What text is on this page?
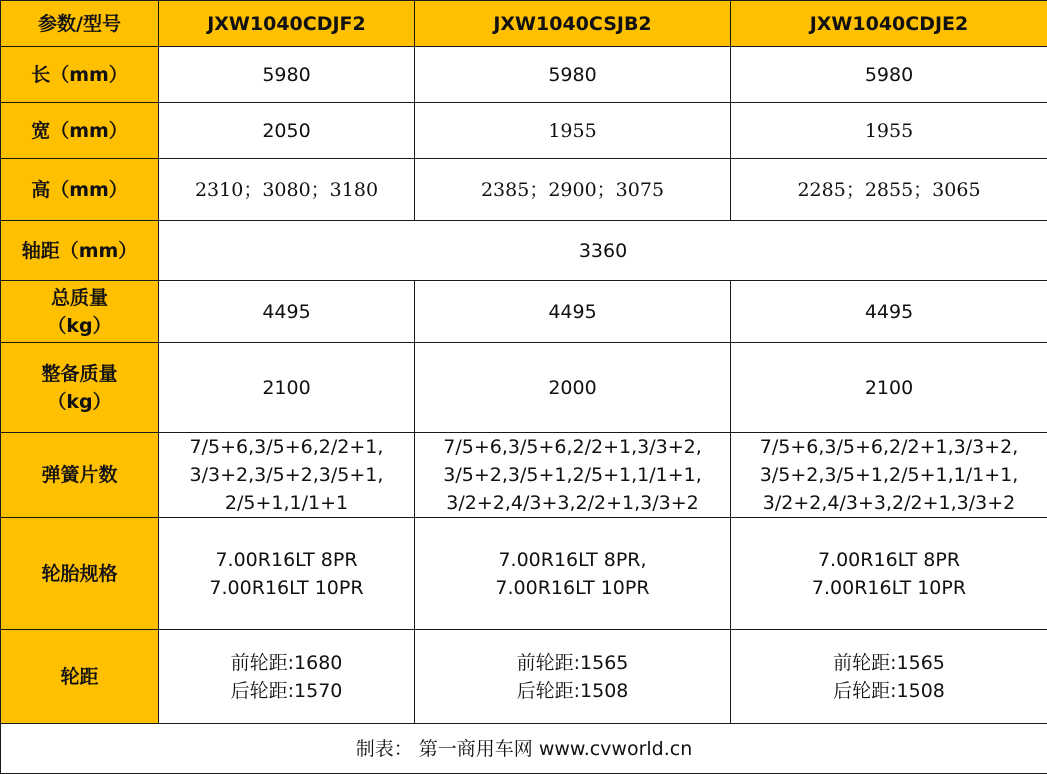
参数/型号	JXW1040CDJF2	JXW1040CSJB2	JXW1040CDJE2
长（mm）	5980	5980	5980
宽（mm）	2050	1955	1955
高（mm）	2310；3080；3180	2385；2900；3075	2285；2855；3065
轴距（mm）	3360		

总质量
（kg）	4495	4495	4495

整备质量
（kg）	2100	2000	2100
弹簧片数	7/5+6,3/5+6,2/2+1,
3/3+2,3/5+2,3/5+1,
2/5+1,1/1+1	7/5+6,3/5+6,2/2+1,3/3+2,
3/5+2,3/5+1,2/5+1,1/1+1,
3/2+2,4/3+3,2/2+1,3/3+2	7/5+6,3/5+6,2/2+1,3/3+2,
3/5+2,3/5+1,2/5+1,1/1+1,
3/2+2,4/3+3,2/2+1,3/3+2

轮胎规格	7.00R16LT 8PR
7.00R16LT 10PR	7.00R16LT 8PR,
7.00R16LT 10PR	7.00R16LT 8PR
7.00R16LT 10PR

轮距	前轮距:1680
后轮距:1570	前轮距:1565
后轮距:1508	前轮距:1565
后轮距:1508

制表： 第一商用车网 www.cvworld.cn			
